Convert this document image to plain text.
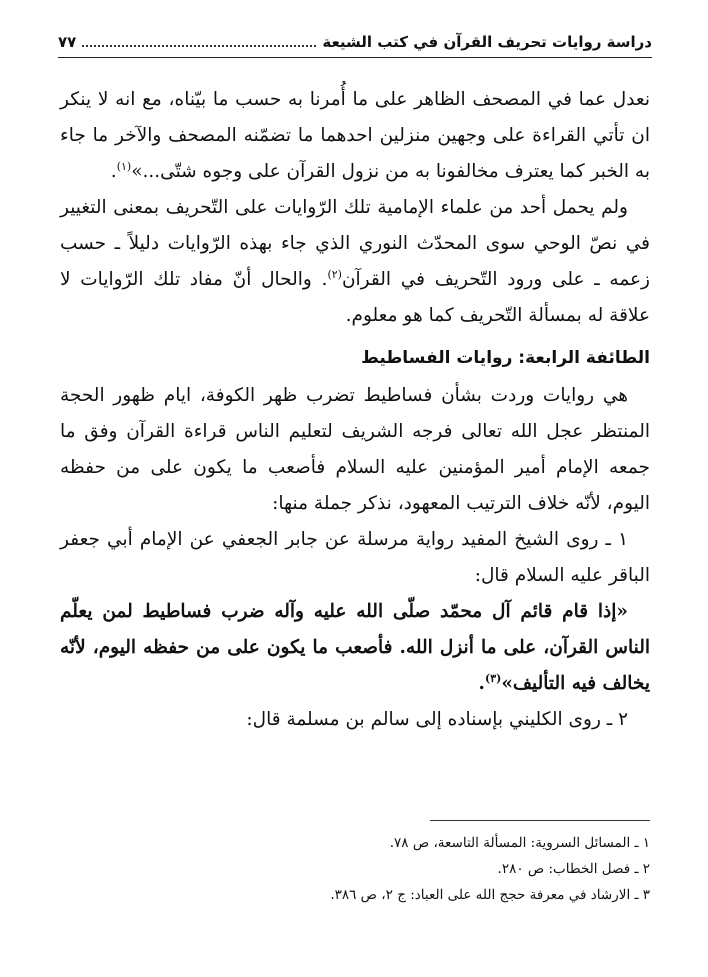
دراسة روايات تحريف القرآن في كتب الشيعة
٧٧

نعدل عما في المصحف الظاهر على ما أُمرنا به حسب ما بيّناه، مع انه لا ينكر ان تأتي القراءة على وجهين منزلين احدهما ما تضمّنه المصحف والآخر ما جاء به الخبر كما يعترف مخالفونا به من نزول القرآن على وجوه شتّى...»$^{(١)}$.

ولم يحمل أحد من علماء الإمامية تلك الرّوايات على التّحريف بمعنى التغيير في نصّ الوحي سوى المحدّث النوري الذي جاء بهذه الرّوايات دليلاً ـ حسب زعمه ـ على ورود التّحريف في القرآن$^{(٢)}$. والحال أنّ مفاد تلك الرّوايات لا علاقة له بمسألة التّحريف كما هو معلوم.

الطائفة الرابعة: روايات الفساطيط

هي روايات وردت بشأن فساطيط تضرب ظهر الكوفة، ايام ظهور الحجة المنتظر عجل الله تعالى فرجه الشريف لتعليم الناس قراءة القرآن وفق ما جمعه الإمام أمير المؤمنين عليه السلام فأصعب ما يكون على من حفظه اليوم، لأنّه خلاف الترتيب المعهود، نذكر جملة منها:

١ ـ روى الشيخ المفيد رواية مرسلة عن جابر الجعفي عن الإمام أبي جعفر الباقر عليه السلام قال:

«إذا قام قائم آل محمّد صلّى الله عليه وآله ضرب فساطيط لمن يعلّم الناس القرآن، على ما أنزل الله. فأصعب ما يكون على من حفظه اليوم، لأنّه يخالف فيه التأليف»$^{(٣)}$.

٢ ـ روى الكليني بإسناده إلى سالم بن مسلمة قال:

١ ـ المسائل السروية: المسألة التاسعة، ص ٧٨.
٢ ـ فصل الخطاب: ص ٢٨٠.
٣ ـ الارشاد في معرفة حجج الله على العباد: ج ٢، ص ٣٨٦.
